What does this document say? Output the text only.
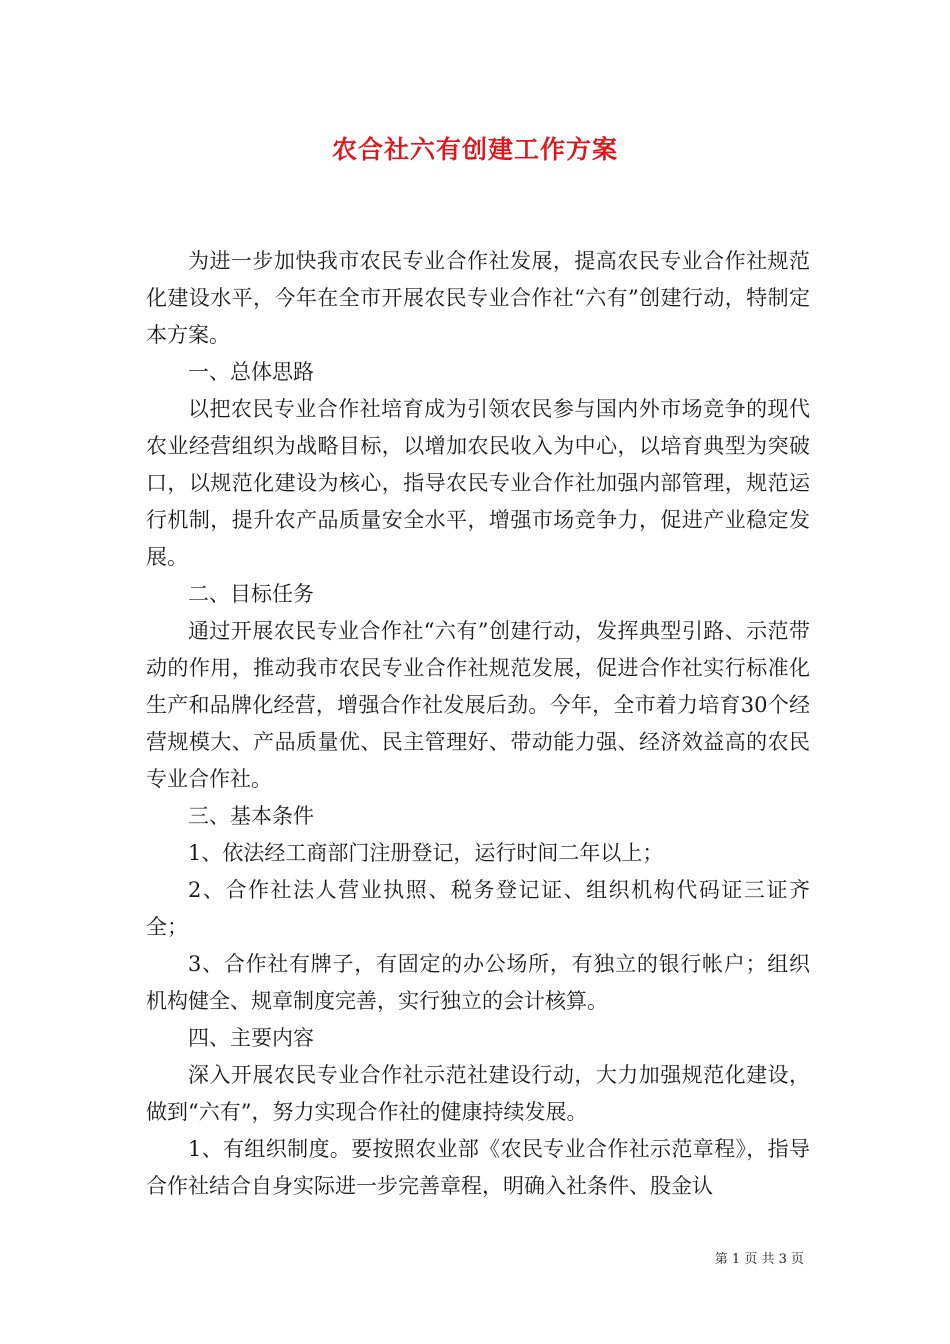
农合社六有创建工作方案

为进一步加快我市农民专业合作社发展，提高农民专业合作社规范化建设水平，今年在全市开展农民专业合作社“六有”创建行动，特制定本方案。

一、总体思路

以把农民专业合作社培育成为引领农民参与国内外市场竞争的现代农业经营组织为战略目标，以增加农民收入为中心，以培育典型为突破口，以规范化建设为核心，指导农民专业合作社加强内部管理，规范运行机制，提升农产品质量安全水平，增强市场竞争力，促进产业稳定发展。

二、目标任务

通过开展农民专业合作社“六有”创建行动，发挥典型引路、示范带动的作用，推动我市农民专业合作社规范发展，促进合作社实行标准化生产和品牌化经营，增强合作社发展后劲。今年，全市着力培育30个经营规模大、产品质量优、民主管理好、带动能力强、经济效益高的农民专业合作社。

三、基本条件

1、依法经工商部门注册登记，运行时间二年以上；

2、合作社法人营业执照、税务登记证、组织机构代码证三证齐全；

3、合作社有牌子，有固定的办公场所，有独立的银行帐户；组织机构健全、规章制度完善，实行独立的会计核算。

四、主要内容

深入开展农民专业合作社示范社建设行动，大力加强规范化建设，做到“六有”，努力实现合作社的健康持续发展。

1、有组织制度。要按照农业部《农民专业合作社示范章程》，指导合作社结合自身实际进一步完善章程，明确入社条件、股金认

第 1 页 共 3 页
